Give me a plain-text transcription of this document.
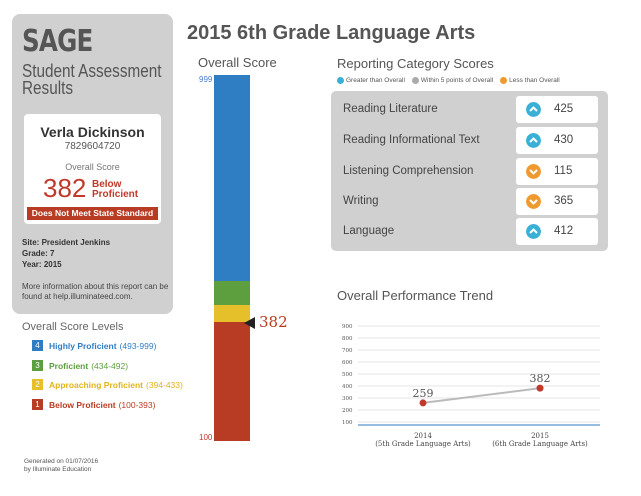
SAGE
Student Assessment Results
Verla Dickinson
7829604720
Overall Score
382 Below
Proficient
Does Not Meet State Standard
Site: President Jenkins
Grade: 7
Year: 2015
More information about this report can be found at help.illuminateed.com.
Overall Score Levels
4	Highly Proficient (493-999)
3	Proficient (434-492)
2	Approaching Proficient (394-433)
1	Below Proficient (100-393)
Generated on 01/07/2016
by Illuminate Education
2015 6th Grade Language Arts
Overall Score
999
100
382
Reporting Category Scores
Greater than Overall Within 5 points of Overall Less than Overall
Reading Literature	425
Reading Informational Text	430
Listening Comprehension	115
Writing	365
Language	412
Overall Performance Trend
900
800
700
600
500
400
300
200
100
259
382
2014
(5th Grade Language Arts)
2015
(6th Grade Language Arts)
